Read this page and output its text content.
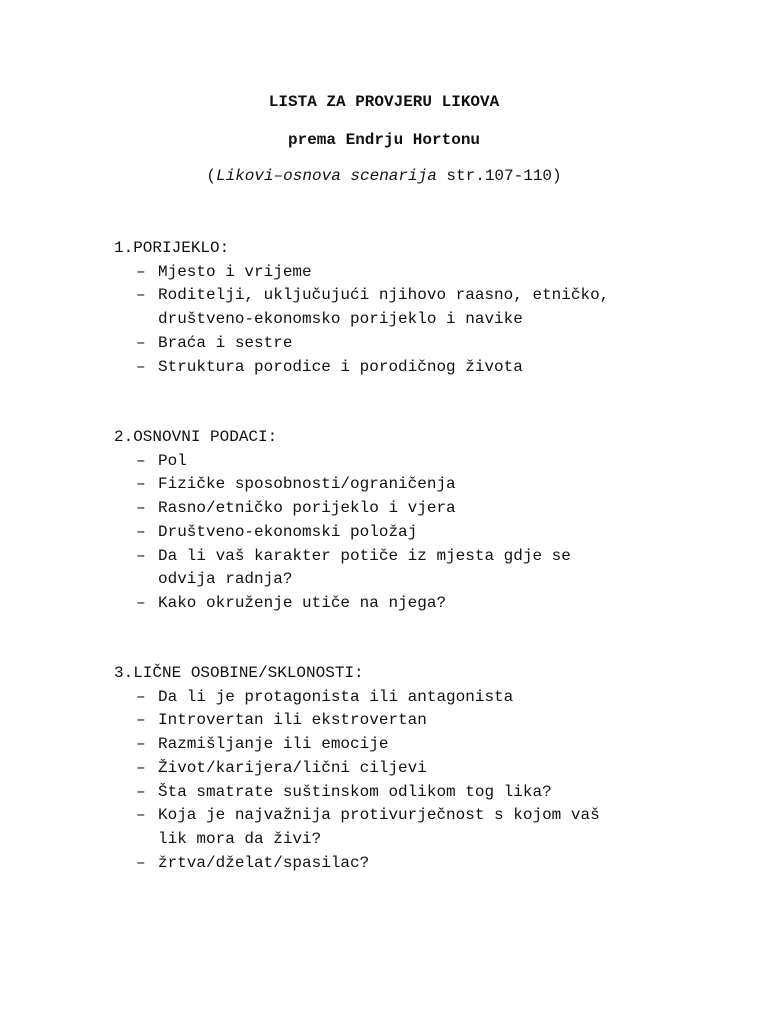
LISTA ZA PROVJERU LIKOVA
prema Endrju Hortonu
(Likovi–osnova scenarija str.107-110)
1.PORIJEKLO:
– Mjesto i vrijeme
– Roditelji, uključujući njihovo raasno, etničko,
društveno-ekonomsko porijeklo i navike
– Braća i sestre
– Struktura porodice i porodičnog života
2.OSNOVNI PODACI:
– Pol
– Fizičke sposobnosti/ograničenja
– Rasno/etničko porijeklo i vjera
– Društveno-ekonomski položaj
– Da li vaš karakter potiče iz mjesta gdje se
odvija radnja?
– Kako okruženje utiče na njega?
3.LIČNE OSOBINE/SKLONOSTI:
– Da li je protagonista ili antagonista
– Introvertan ili ekstrovertan
– Razmišljanje ili emocije
– Život/karijera/lični ciljevi
– Šta smatrate suštinskom odlikom tog lika?
– Koja je najvažnija protivurječnost s kojom vaš
lik mora da živi?
– žrtva/dželat/spasilac?
